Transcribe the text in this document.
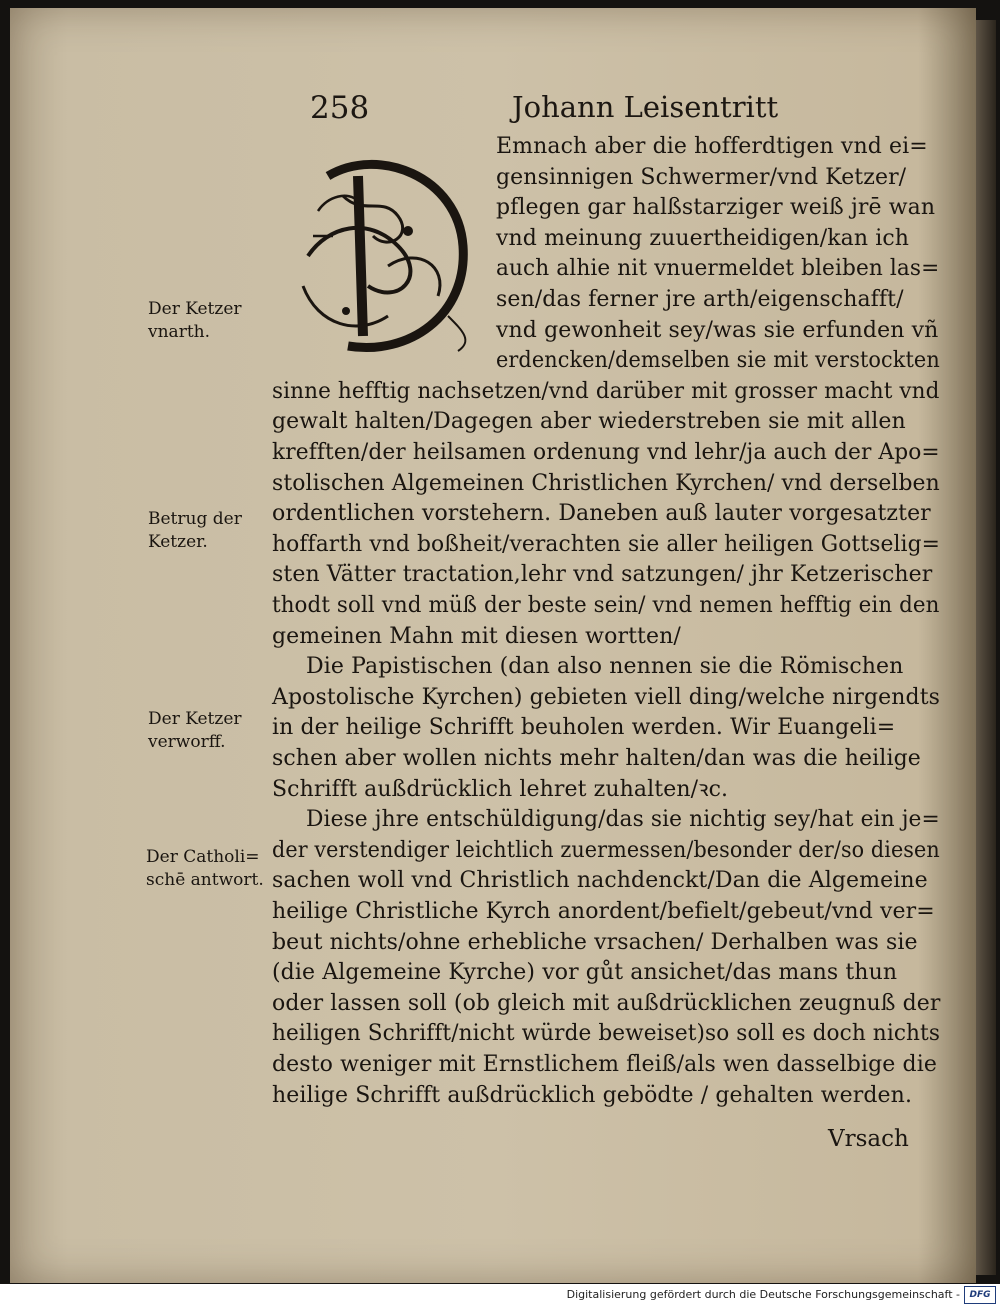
258	Johann Leisentritt
Emnach aber die hofferdtigen vnd ei=
gensinnigen Schwermer/vnd Ketzer/
pflegen gar halßstarziger weiß jrē wan
vnd meinung zuuertheidigen/kan ich
auch alhie nit vnuermeldet bleiben las=
sen/das ferner jre arth/eigenschafft/
vnd gewonheit sey/was sie erfunden vñ
erdencken/demselben sie mit verstockten
sinne hefftig nachsetzen/vnd darüber mit grosser macht vnd
gewalt halten/Dagegen aber wiederstreben sie mit allen
krefften/der heilsamen ordenung vnd lehr/ja auch der Apo=
stolischen Algemeinen Christlichen Kyrchen/ vnd derselben
ordentlichen vorstehern. Daneben auß lauter vorgesatzter
hoffarth vnd boßheit/verachten sie aller heiligen Gottselig=
sten Vätter tractation,lehr vnd satzungen/ jhr Ketzerischer
thodt soll vnd müß der beste sein/ vnd nemen hefftig ein den
gemeinen Mahn mit diesen wortten/
Die Papistischen (dan also nennen sie die Römischen
Apostolische Kyrchen) gebieten viell ding/welche nirgendts
in der heilige Schrifft beuholen werden. Wir Euangeli=
schen aber wollen nichts mehr halten/dan was die heilige
Schrifft außdrücklich lehret zuhalten/ꝛc.
Diese jhre entschüldigung/das sie nichtig sey/hat ein je=
der verstendiger leichtlich zuermessen/besonder der/so diesen
sachen woll vnd Christlich nachdenckt/Dan die Algemeine
heilige Christliche Kyrch anordent/befielt/gebeut/vnd ver=
beut nichts/ohne erhebliche vrsachen/ Derhalben was sie
(die Algemeine Kyrche) vor gůt ansichet/das mans thun
oder lassen soll (ob gleich mit außdrücklichen zeugnuß der
heiligen Schrifft/nicht würde beweiset)so soll es doch nichts
desto weniger mit Ernstlichem fleiß/als wen dasselbige die
heilige Schrifft außdrücklich gebödte / gehalten werden.
Der Ketzer
vnarth.
Betrug der
Ketzer.
Der Ketzer
verworff.
Der Catholi=
schē antwort.
Vrsach
Digitalisierung gefördert durch die Deutsche Forschungsgemeinschaft -	DFG
